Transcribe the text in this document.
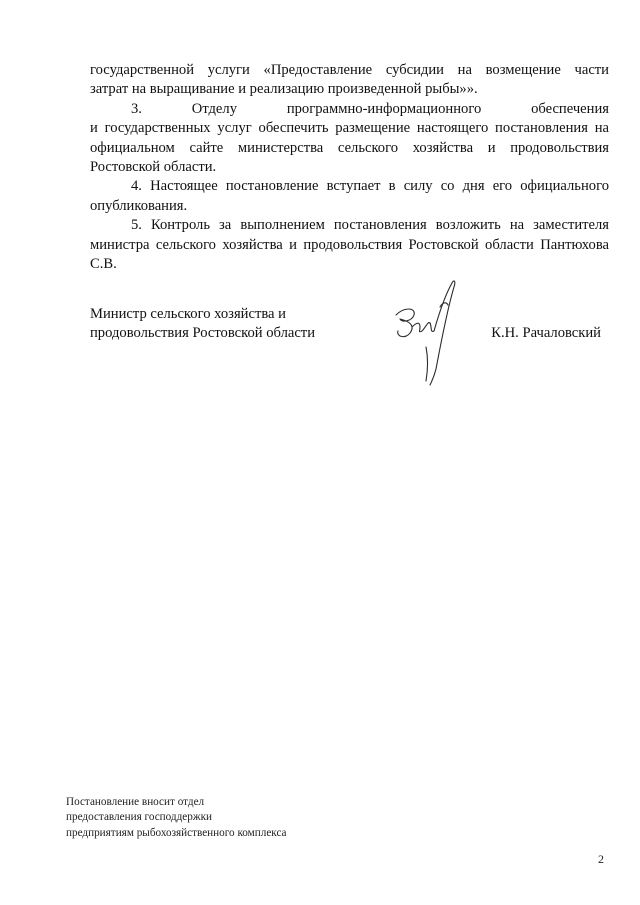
государственной услуги «Предоставление субсидии на возмещение части

затрат на выращивание и реализацию произведенной рыбы»».

3. Отделу программно-информационного обеспечения

и государственных услуг обеспечить размещение настоящего постановления на официальном сайте министерства сельского хозяйства и продовольствия Ростовской области.

4. Настоящее постановление вступает в силу со дня его официального опубликования.

5. Контроль за выполнением постановления возложить на заместителя министра сельского хозяйства и продовольствия Ростовской области Пантюхова С.В.

Министр сельского хозяйства и
продовольствия Ростовской области	К.Н. Рачаловский
Постановление вносит отдел
предоставления господдержки
предприятиям рыбохозяйственного комплекса
2
